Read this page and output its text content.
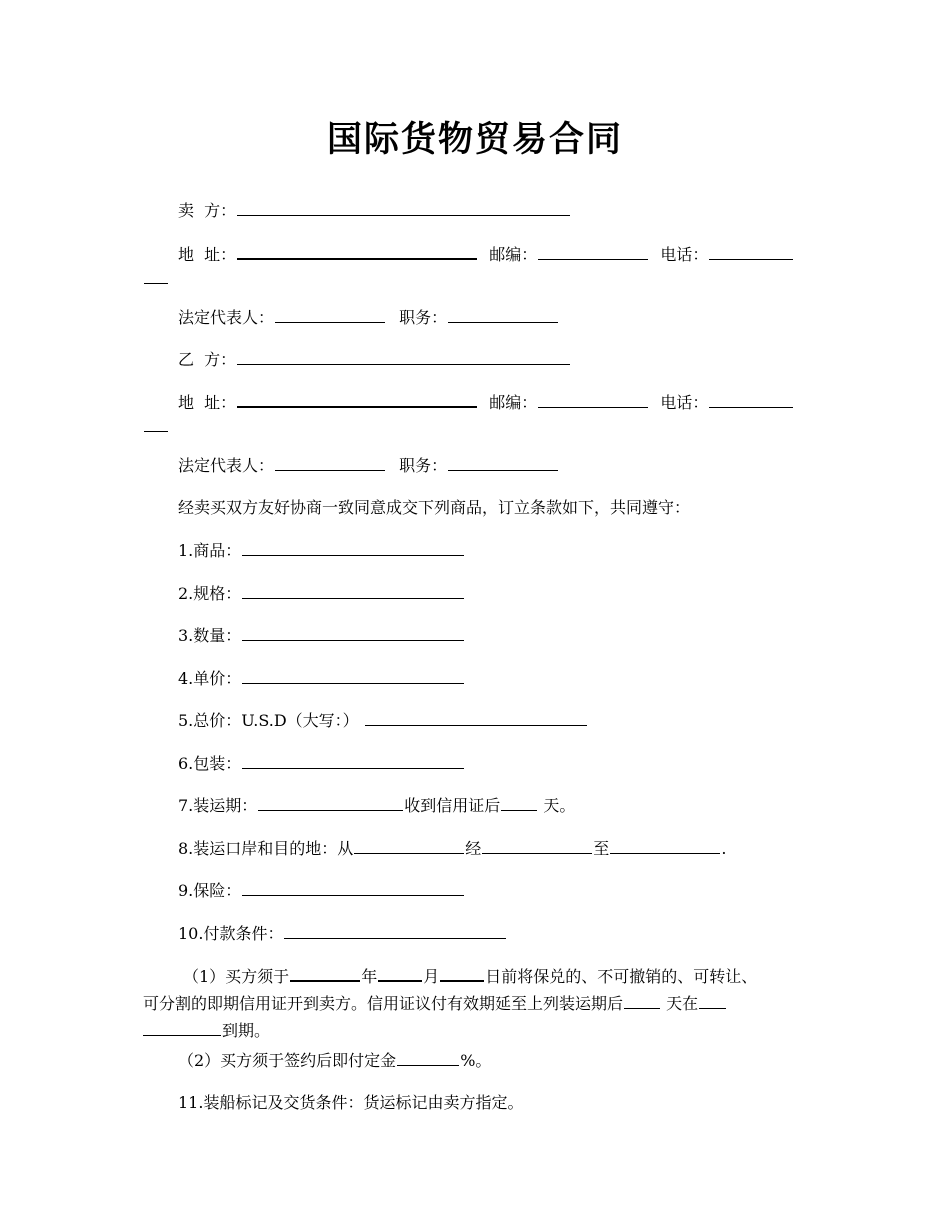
国际货物贸易合同
卖  方：
地  址：	邮编：	电话：
法定代表人：	职务：
乙  方：
地  址：	邮编：	电话：
法定代表人：	职务：
经卖买双方友好协商一致同意成交下列商品，订立条款如下，共同遵守：
1.商品：
2.规格：
3.数量：
4.单价：
5.总价：U.S.D（大写：）
6.包装：
7.装运期：	收到信用证后	天。
8.装运口岸和目的地：从	经	至	.
9.保险：
10.付款条件：
（1）买方须于	年	月	日前将保兑的、不可撤销的、可转让、
可分割的即期信用证开到卖方。信用证议付有效期延至上列装运期后	天在
到期。
（2）买方须于签约后即付定金	%。
11.装船标记及交货条件：货运标记由卖方指定。
